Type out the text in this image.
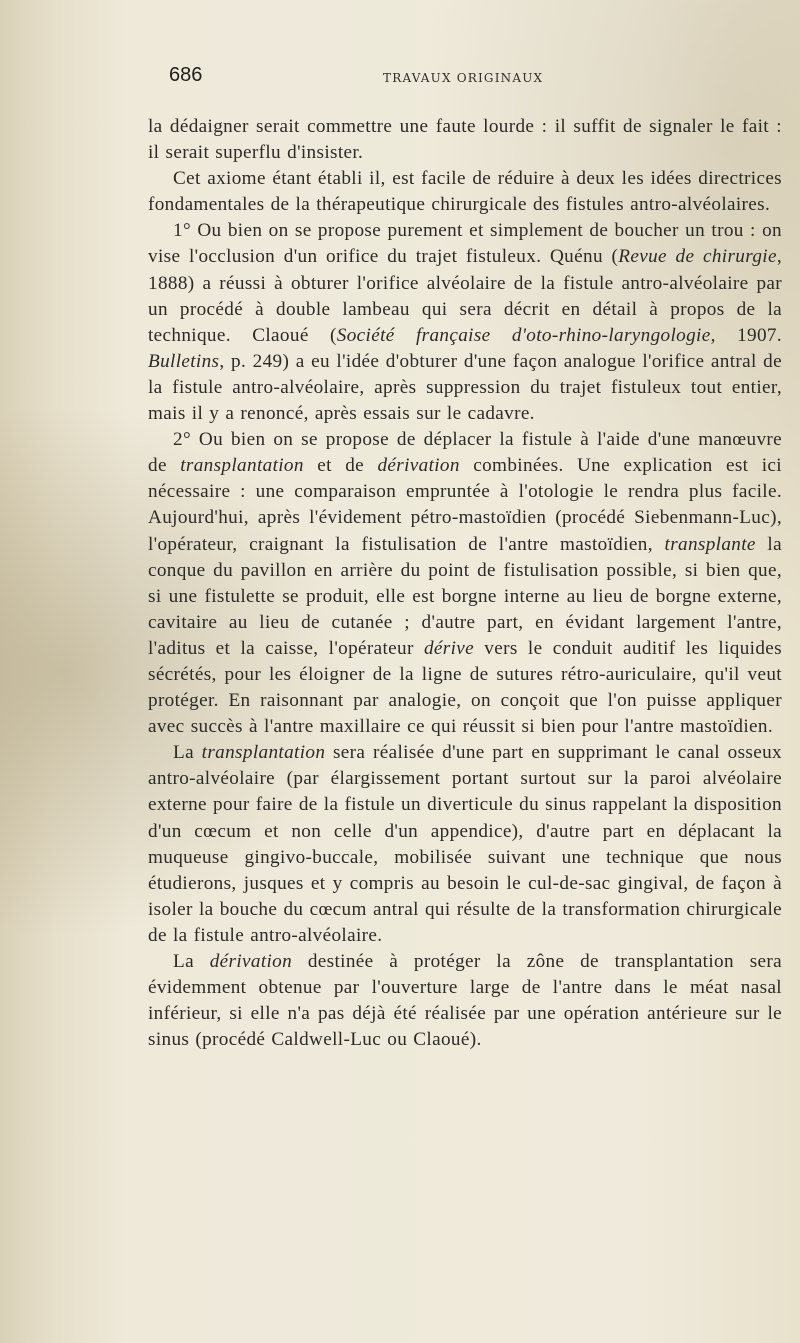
686	TRAVAUX ORIGINAUX

la dédaigner serait commettre une faute lourde : il suffit de signaler le fait : il serait superflu d'insister.

Cet axiome étant établi il, est facile de réduire à deux les idées directrices fondamentales de la thérapeutique chirurgicale des fistules antro-alvéolaires.

1° Ou bien on se propose purement et simplement de boucher un trou : on vise l'occlusion d'un orifice du trajet fistuleux. Quénu (Revue de chirurgie, 1888) a réussi à obturer l'orifice alvéolaire de la fistule antro-alvéolaire par un procédé à double lambeau qui sera décrit en détail à propos de la technique. Claoué (Société française d'oto-rhino-laryngologie, 1907. Bulletins, p. 249) a eu l'idée d'obturer d'une façon analogue l'orifice antral de la fistule antro-alvéolaire, après suppression du trajet fistuleux tout entier, mais il y a renoncé, après essais sur le cadavre.

2° Ou bien on se propose de déplacer la fistule à l'aide d'une manœuvre de transplantation et de dérivation combinées. Une explication est ici nécessaire : une comparaison empruntée à l'otologie le rendra plus facile. Aujourd'hui, après l'évidement pétro-mastoïdien (procédé Siebenmann-Luc), l'opérateur, craignant la fistulisation de l'antre mastoïdien, transplante la conque du pavillon en arrière du point de fistulisation possible, si bien que, si une fistulette se produit, elle est borgne interne au lieu de borgne externe, cavitaire au lieu de cutanée ; d'autre part, en évidant largement l'antre, l'aditus et la caisse, l'opérateur dérive vers le conduit auditif les liquides sécrétés, pour les éloigner de la ligne de sutures rétro-auriculaire, qu'il veut protéger. En raisonnant par analogie, on conçoit que l'on puisse appliquer avec succès à l'antre maxillaire ce qui réussit si bien pour l'antre mastoïdien.

La transplantation sera réalisée d'une part en supprimant le canal osseux antro-alvéolaire (par élargissement portant surtout sur la paroi alvéolaire externe pour faire de la fistule un diverticule du sinus rappelant la disposition d'un cœcum et non celle d'un appendice), d'autre part en déplacant la muqueuse gingivo-buccale, mobilisée suivant une technique que nous étudierons, jusques et y compris au besoin le cul-de-sac gingival, de façon à isoler la bouche du cœcum antral qui résulte de la transformation chirurgicale de la fistule antro-alvéolaire.

La dérivation destinée à protéger la zône de transplantation sera évidemment obtenue par l'ouverture large de l'antre dans le méat nasal inférieur, si elle n'a pas déjà été réalisée par une opération antérieure sur le sinus (procédé Caldwell-Luc ou Claoué).
